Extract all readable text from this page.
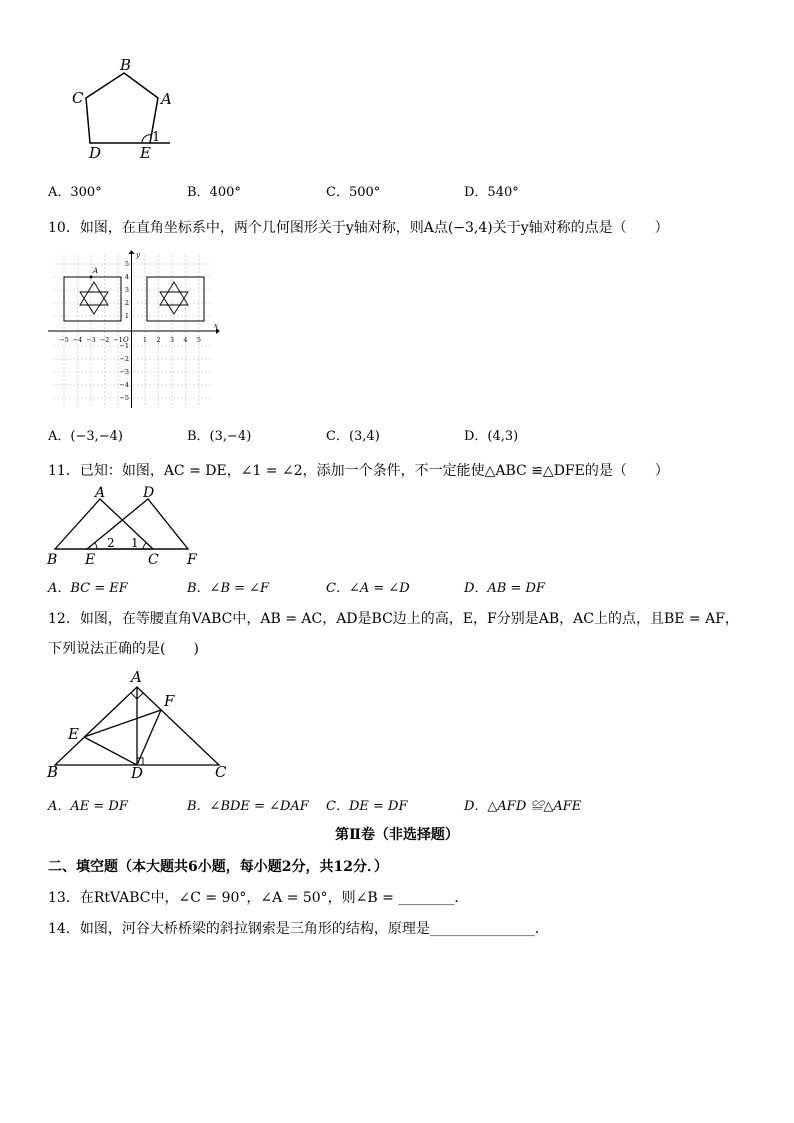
B
C	A
D	E
1
A．300°	B．400°	C．500°	D．540°
10．如图，在直角坐标系中，两个几何图形关于y轴对称，则A点(−3,4)关于y轴对称的点是（　　）
A
x
y
O
−5 −4 −3 −2 −1	1 2 3 4 5
5
4
3
2
1
−1
−2
−3
−4
−5
A．(−3,−4)	B．(3,−4)	C．(3,4)	D．(4,3)
11．已知：如图，AC = DE，∠1 = ∠2，添加一个条件，不一定能使△ABC ≌△DFE的是（　　）
A	D
B E
2 1
C F
A．BC = EF	B．∠B = ∠F	C．∠A = ∠D	D．AB = DF
12．如图，在等腰直角VABC中，AB = AC，AD是BC边上的高，E，F分别是AB，AC上的点，且BE = AF，
下列说法正确的是(　　)
A
F
E
B	D	C
A．AE = DF	B．∠BDE = ∠DAF C．DE = DF	D．△AFD ≌△AFE
第Ⅱ卷（非选择题）
二、填空题（本大题共6小题，每小题2分，共12分．）
13．在RtVABC中，∠C = 90°，∠A = 50°，则∠B = ________．
14．如图，河谷大桥桥梁的斜拉钢索是三角形的结构，原理是_______________．
